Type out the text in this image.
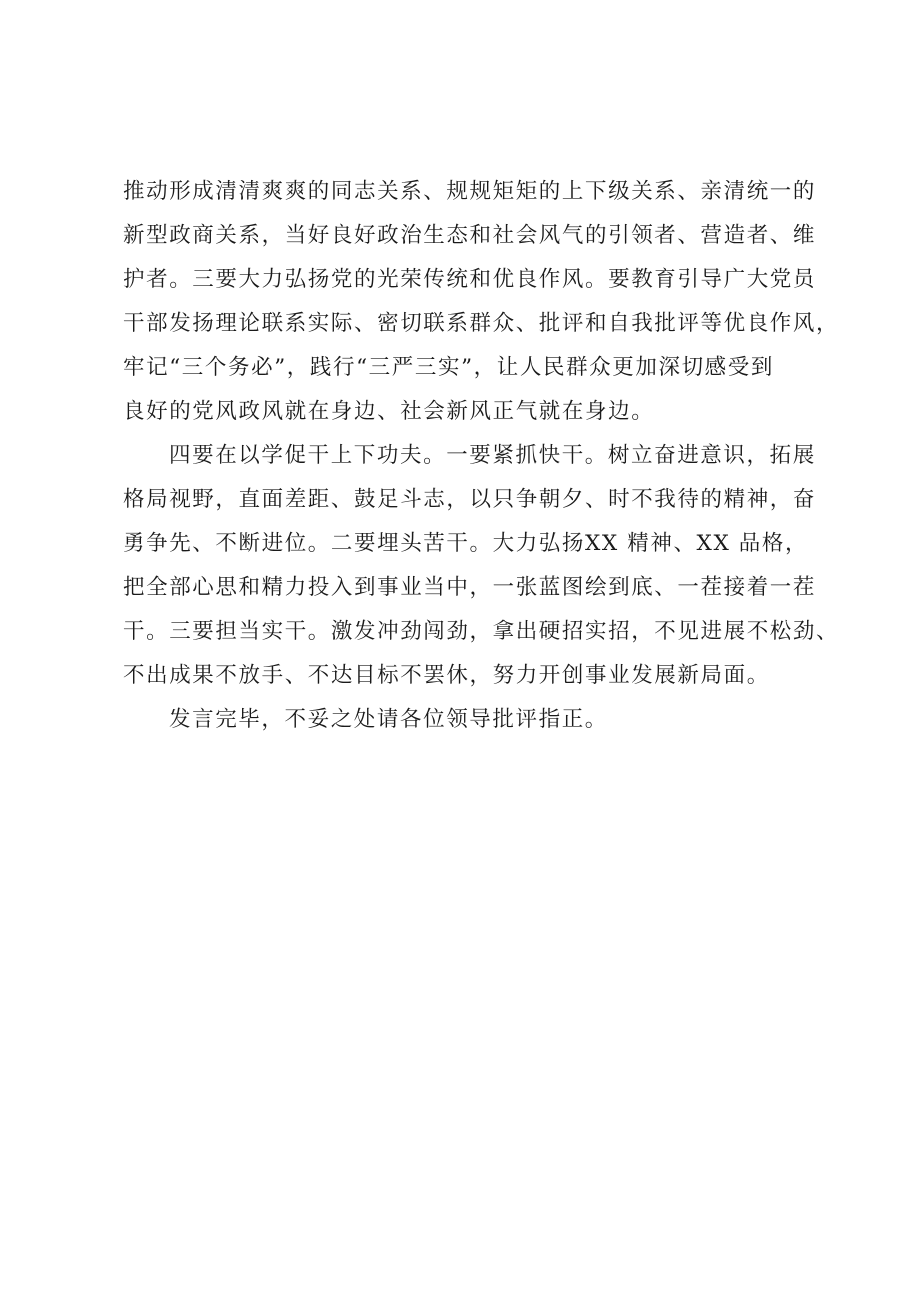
推动形成清清爽爽的同志关系、规规矩矩的上下级关系、亲清统一的
新型政商关系，当好良好政治生态和社会风气的引领者、营造者、维
护者。三要大力弘扬党的光荣传统和优良作风。要教育引导广大党员
干部发扬理论联系实际、密切联系群众、批评和自我批评等优良作风，
牢记“三个务必”，践行“三严三实”，让人民群众更加深切感受到
良好的党风政风就在身边、社会新风正气就在身边。
四要在以学促干上下功夫。一要紧抓快干。树立奋进意识，拓展
格局视野，直面差距、鼓足斗志，以只争朝夕、时不我待的精神，奋
勇争先、不断进位。二要埋头苦干。大力弘扬XX 精神、XX 品格，
把全部心思和精力投入到事业当中，一张蓝图绘到底、一茬接着一茬
干。三要担当实干。激发冲劲闯劲，拿出硬招实招，不见进展不松劲、
不出成果不放手、不达目标不罢休，努力开创事业发展新局面。
发言完毕，不妥之处请各位领导批评指正。
